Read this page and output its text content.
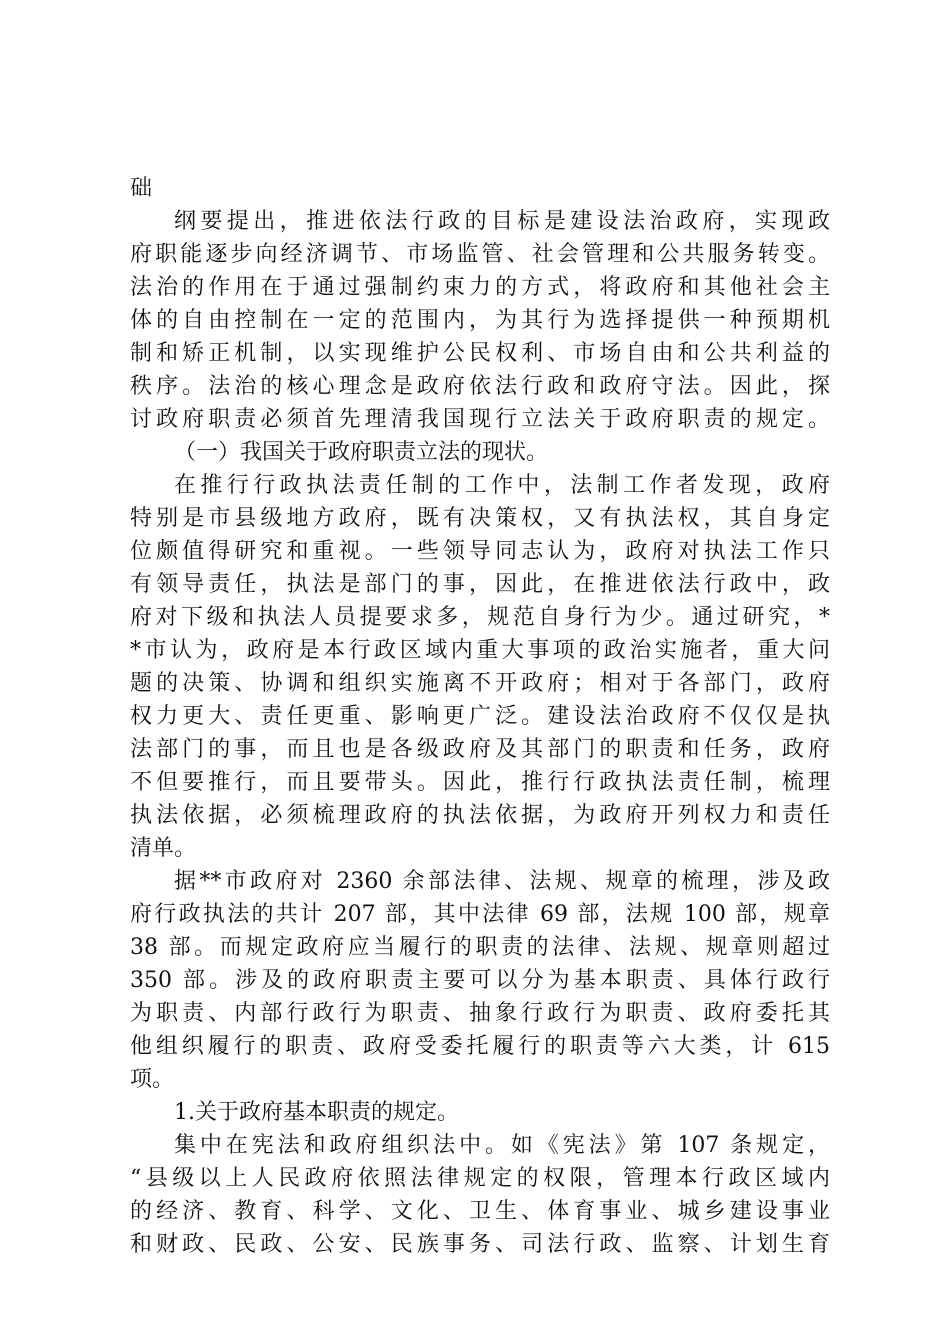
础
纲要提出，推进依法行政的目标是建设法治政府，实现政
府职能逐步向经济调节、市场监管、社会管理和公共服务转变。
法治的作用在于通过强制约束力的方式，将政府和其他社会主
体的自由控制在一定的范围内，为其行为选择提供一种预期机
制和矫正机制，以实现维护公民权利、市场自由和公共利益的
秩序。法治的核心理念是政府依法行政和政府守法。因此，探
讨政府职责必须首先理清我国现行立法关于政府职责的规定。
（一）我国关于政府职责立法的现状。
在推行行政执法责任制的工作中，法制工作者发现，政府
特别是市县级地方政府，既有决策权，又有执法权，其自身定
位颇值得研究和重视。一些领导同志认为，政府对执法工作只
有领导责任，执法是部门的事，因此，在推进依法行政中，政
府对下级和执法人员提要求多，规范自身行为少。通过研究，*
*市认为，政府是本行政区域内重大事项的政治实施者，重大问
题的决策、协调和组织实施离不开政府；相对于各部门，政府
权力更大、责任更重、影响更广泛。建设法治政府不仅仅是执
法部门的事，而且也是各级政府及其部门的职责和任务，政府
不但要推行，而且要带头。因此，推行行政执法责任制，梳理
执法依据，必须梳理政府的执法依据，为政府开列权力和责任
清单。
据**市政府对 2360 余部法律、法规、规章的梳理，涉及政
府行政执法的共计 207 部，其中法律 69 部，法规 100 部，规章
38 部。而规定政府应当履行的职责的法律、法规、规章则超过
350 部。涉及的政府职责主要可以分为基本职责、具体行政行
为职责、内部行政行为职责、抽象行政行为职责、政府委托其
他组织履行的职责、政府受委托履行的职责等六大类，计 615
项。
1.关于政府基本职责的规定。
集中在宪法和政府组织法中。如《宪法》第 107 条规定，
“县级以上人民政府依照法律规定的权限，管理本行政区域内
的经济、教育、科学、文化、卫生、体育事业、城乡建设事业
和财政、民政、公安、民族事务、司法行政、监察、计划生育
